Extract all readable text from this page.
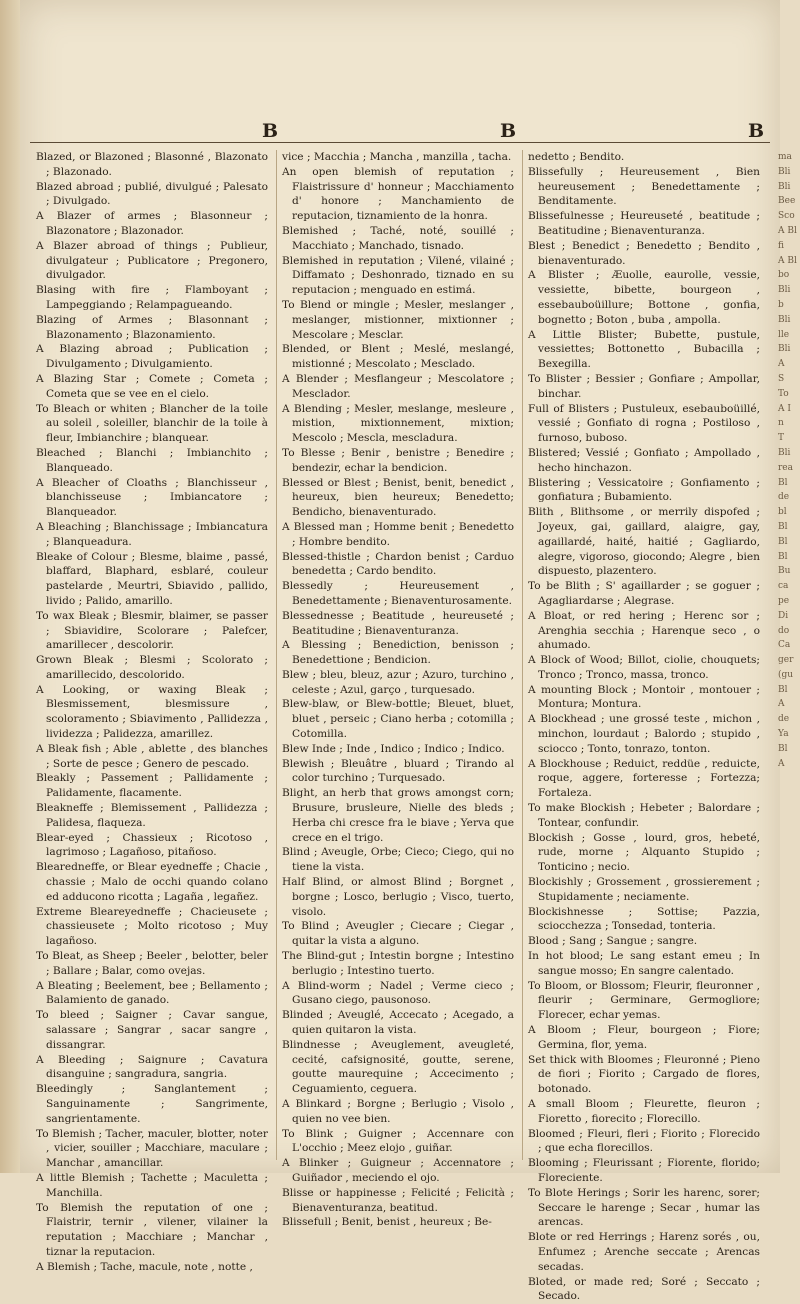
B	B	B

Blazed, or Blazoned ; Blasonné , Blazonato ; Blazonado.

Blazed abroad ; publié, divulgué ; Palesato ; Divulgado.

A Blazer of armes ; Blasonneur ; Blazonatore ; Blazonador.

A Blazer abroad of things ; Publieur, divulgateur ; Publicatore ; Pregonero, divulgador.

Blasing with fire ; Flamboyant ; Lampeggiando ; Relampagueando.

Blazing of Armes ; Blasonnant ; Blazonamento ; Blazonamiento.

A Blazing abroad ; Publication ; Divulgamento ; Divulgamiento.

A Blazing Star ; Comete ; Cometa ; Cometa que se vee en el cielo.

To Bleach or whiten ; Blancher de la toile au soleil , soleiller, blanchir de la toile à fleur, Imbianchire ; blanquear.

Bleached ; Blanchi ; Imbianchito ; Blanqueado.

A Bleacher of Cloaths ; Blanchisseur , blanchisseuse ; Imbiancatore ; Blanqueador.

A Bleaching ; Blanchissage ; Imbiancatura ; Blanqueadura.

Bleake of Colour ; Blesme, blaime , passé, blaffard, Blaphard, esblaré, couleur pastelarde , Meurtri, Sbiavido , pallido, livido ; Palido, amarillo.

To wax Bleak ; Blesmir, blaimer, se passer ; Sbiavidire, Scolorare ; Palefcer, amarillecer , descolorir.

Grown Bleak ; Blesmi ; Scolorato ; amarillecido, descolorido.

A Looking, or waxing Bleak ; Blesmissement, blesmissure , scoloramento ; Sbiavimento , Pallidezza , lividezza ; Palidezza, amarillez.

A Bleak fish ; Able , ablette , des blanches ; Sorte de pesce ; Genero de pescado.

Bleakly ; Passement ; Pallidamente ; Palidamente, flacamente.

Bleakneffe ; Blemissement , Pallidezza ; Palidesa, flaqueza.

Blear-eyed ; Chassieux ; Ricotoso , lagrimoso ; Lagañoso, pitañoso.

Blearedneffe, or Blear eyedneffe ; Chacie , chassie ; Malo de occhi quando colano ed adducono ricotta ; Lagaña , legañez.

Extreme Bleareyedneffe ; Chacieusete ; chassieusete ; Molto ricotoso ; Muy lagañoso.

To Bleat, as Sheep ; Beeler , belotter, beler ; Ballare ; Balar, como ovejas.

A Bleating ; Beelement, bee ; Bellamento ; Balamiento de ganado.

To bleed ; Saigner ; Cavar sangue, salassare ; Sangrar , sacar sangre , dissangrar.

A Bleeding ; Saignure ; Cavatura disanguine ; sangradura, sangria.

Bleedingly ; Sanglantement ; Sanguinamente ; Sangrimente, sangrientamente.

To Blemish ; Tacher, maculer, blotter, noter , vicier, souiller ; Macchiare, maculare ; Manchar , amancillar.

A little Blemish ; Tachette ; Maculetta ; Manchilla.

To Blemish the reputation of one ; Flaistrir, ternir , vilener, vilainer la reputation ; Macchiare ; Manchar , tiznar la reputacion.

A Blemish ; Tache, macule, note , notte ,

vice ; Macchia ; Mancha , manzilla , tacha.

An open blemish of reputation ; Flaistrissure d' honneur ; Macchiamento d' honore ; Manchamiento de reputacion, tiznamiento de la honra.

Blemished ; Taché, noté, souillé ; Macchiato ; Manchado, tisnado.

Blemished in reputation ; Vilené, vilainé ; Diffamato ; Deshonrado, tiznado en su reputacion ; menguado en estimá.

To Blend or mingle ; Mesler, meslanger , meslanger, mistionner, mixtionner ; Mescolare ; Mesclar.

Blended, or Blent ; Meslé, meslangé, mistionné ; Mescolato ; Mesclado.

A Blender ; Mesflangeur ; Mescolatore ; Mesclador.

A Blending ; Mesler, meslange, mesleure , mistion, mixtionnement, mixtion; Mescolo ; Mescla, mescladura.

To Blesse ; Benir , benistre ; Benedire ; bendezir, echar la bendicion.

Blessed or Blest ; Benist, benit, benedict , heureux, bien heureux; Benedetto; Bendicho, bienaventurado.

A Blessed man ; Homme benit ; Benedetto ; Hombre bendito.

Blessed-thistle ; Chardon benist ; Carduo benedetta ; Cardo bendito.

Blessedly ; Heureusement , Benedettamente ; Bienaventurosamente.

Blessednesse ; Beatitude , heureuseté ; Beatitudine ; Bienaventuranza.

A Blessing ; Benediction, benisson ; Benedettione ; Bendicion.

Blew ; bleu, bleuz, azur ; Azuro, turchino , celeste ; Azul, garço , turquesado.

Blew-blaw, or Blew-bottle; Bleuet, bluet, bluet , perseic ; Ciano herba ; cotomilla ; Cotomilla.

Blew Inde ; Inde , Indico ; Indico ; Indico.

Blewish ; Bleuâtre , bluard ; Tirando al color turchino ; Turquesado.

Blight, an herb that grows amongst corn; Brusure, brusleure, Nielle des bleds ; Herba chi cresce fra le biave ; Yerva que crece en el trigo.

Blind ; Aveugle, Orbe; Cieco; Ciego, qui no tiene la vista.

Half Blind, or almost Blind ; Borgnet , borgne ; Losco, berlugio ; Visco, tuerto, visolo.

To Blind ; Aveugler ; Ciecare ; Ciegar , quitar la vista a alguno.

The Blind-gut ; Intestin borgne ; Intestino berlugio ; Intestino tuerto.

A Blind-worm ; Nadel ; Verme cieco ; Gusano ciego, pausonoso.

Blinded ; Aveuglé, Accecato ; Acegado, a quien quitaron la vista.

Blindnesse ; Aveuglement, aveugleté, cecité, cafsignosité, goutte, serene, goutte maurequine ; Accecimento ; Ceguamiento, ceguera.

A Blinkard ; Borgne ; Berlugio ; Visolo , quien no vee bien.

To Blink ; Guigner ; Accennare con L'occhio ; Meez elojo , guiñar.

A Blinker ; Guigneur ; Accennatore ; Guiñador , meciendo el ojo.

Blisse or happinesse ; Felicité ; Felicità ; Bienaventuranza, beatitud.

Blissefull ; Benit, benist , heureux ; Be-

nedetto ; Bendito.

Blissefully ; Heureusement , Bien heureusement ; Benedettamente ; Benditamente.

Blissefulnesse ; Heureuseté , beatitude ; Beatitudine ; Bienaventuranza.

Blest ; Benedict ; Benedetto ; Bendito , bienaventurado.

A Blister ; Æuolle, eaurolle, vessie, vessiette, bibette, bourgeon , essebauboüillure; Bottone , gonfia, bognetto ; Boton , buba , ampolla.

A Little Blister; Bubette, pustule, vessiettes; Bottonetto , Bubacilla ; Bexegilla.

To Blister ; Bessier ; Gonfiare ; Ampollar, binchar.

Full of Blisters ; Pustuleux, esebauboüillé, vessié ; Gonfiato di rogna ; Postiloso , furnoso, buboso.

Blistered; Vessié ; Gonfiato ; Ampollado , hecho hinchazon.

Blistering ; Vessicatoire ; Gonfiamento ; gonfiatura ; Bubamiento.

Blith , Blithsome , or merrily dispofed ; Joyeux, gai, gaillard, alaigre, gay, agaillardé, haité, haitié ; Gagliardo, alegre, vigoroso, giocondo; Alegre , bien dispuesto, plazentero.

To be Blith ; S' agaillarder ; se goguer ; Agagliardarse ; Alegrase.

A Bloat, or red hering ; Herenc sor ; Arenghia secchia ; Harenque seco , o ahumado.

A Block of Wood; Billot, ciolie, chouquets; Tronco ; Tronco, massa, tronco.

A mounting Block ; Montoir , montouer ; Montura; Montura.

A Blockhead ; une grossé teste , michon , minchon, lourdaut ; Balordo ; stupido , sciocco ; Tonto, tonrazo, tonton.

A Blockhouse ; Reduict, reddüe , reduicte, roque, aggere, forteresse ; Fortezza; Fortaleza.

To make Blockish ; Hebeter ; Balordare ; Tontear, confundir.

Blockish ; Gosse , lourd, gros, hebeté, rude, morne ; Alquanto Stupido ; Tonticino ; necio.

Blockishly ; Grossement , grossierement ; Stupidamente ; neciamente.

Blockishnesse ; Sottise; Pazzia, sciocchezza ; Tonsedad, tonteria.

Blood ; Sang ; Sangue ; sangre.

In hot blood; Le sang estant emeu ; In sangue mosso; En sangre calentado.

To Bloom, or Blossom; Fleurir, fleuronner , fleurir ; Germinare, Germogliore; Florecer, echar yemas.

A Bloom ; Fleur, bourgeon ; Fiore; Germina, flor, yema.

Set thick with Bloomes ; Fleuronné ; Pieno de fiori ; Fiorito ; Cargado de flores, botonado.

A small Bloom ; Fleurette, fleuron ; Fioretto , fiorecito ; Florecillo.

Bloomed ; Fleuri, fleri ; Fiorito ; Florecido ; que echa florecillos.

Blooming ; Fleurissant ; Fiorente, florido; Floreciente.

To Blote Herings ; Sorir les harenc, sorer; Seccare le harenge ; Secar , humar las arencas.

Blote or red Herrings ; Harenz sorés , ou, Enfumez ; Arenche seccate ; Arencas secadas.

Bloted, or made red; Soré ; Seccato ; Secado.

ma
Bli
Bli
Bee
Sco
A Bl
fi
A Bl
bo
Bli
b
Bli
lle
Bli
A
S
To
A I
n
T
Bli
rea
Bl
de
bl
Bl
Bl
Bl
Bu
ca
pe
Di
do
Ca
ger
(gu
Bl
A
de
Ya
Bl
A
